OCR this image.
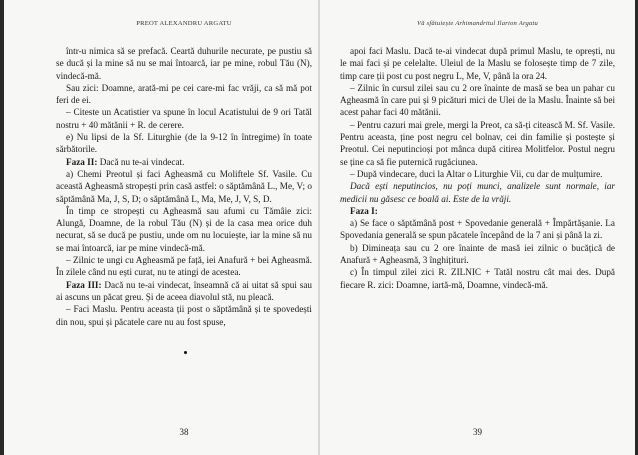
PREOT ALEXANDRU ARGATU

într-u nimica să se prefacă. Ceartă duhurile necurate, pe pustiu să se ducă și la mine să nu se mai întoarcă, iar pe mine, robul Tău (N), vindecă-mă.

Sau zici: Doamne, arată-mi pe cei care-mi fac vrăji, ca să mă pot feri de ei.

– Citeste un Acatistier va spune în locul Acatistului de 9 ori Tatăl nostru + 40 mătănii + R. de cerere.

e) Nu lipsi de la Sf. Liturghie (de la 9-12 în întregime) în toate sărbătorile.

Faza II: Dacă nu te-ai vindecat.

a) Chemi Preotul și faci Agheasmă cu Moliftele Sf. Vasile. Cu această Agheasmă stropești prin casă astfel: o săptămână L., Me, V; o săptămână Ma, J, S, D; o săptămână L, Ma, Me, J, V, S, D.

În timp ce stropești cu Agheasmă sau afumi cu Tămâie zici: Alungă, Doamne, de la robul Tău (N) și de la casa mea orice duh necurat, să se ducă pe pustiu, unde om nu locuiește, iar la mine să nu se mai întoarcă, iar pe mine vindecă-mă.

– Zilnic te ungi cu Agheasmă pe față, iei Anafură + bei Agheasmă. În zilele când nu ești curat, nu te atingi de acestea.

Faza III: Dacă nu te-ai vindecat, înseamnă că ai uitat să spui sau ai ascuns un păcat greu. Și de aceea diavolul stă, nu pleacă.

– Faci Maslu. Pentru aceasta ții post o săptămână și te spovedești din nou, spui și păcatele care nu au fost spuse,

38
Vă sfătuiește Arhimandritul Ilarion Argatu

apoi faci Maslu. Dacă te-ai vindecat după primul Maslu, te oprești, nu le mai faci și pe celelalte. Uleiul de la Maslu se folosește timp de 7 zile, timp care ții post cu post negru L, Me, V, până la ora 24.

– Zilnic în cursul zilei sau cu 2 ore înainte de masă se bea un pahar cu Agheasmă în care pui și 9 picături mici de Ulei de la Maslu. Înainte să bei acest pahar faci 40 mătănii.

– Pentru cazuri mai grele, mergi la Preot, ca să-ți citească M. Sf. Vasile. Pentru aceasta, ține post negru cel bolnav, cei din familie și postește și Preotul. Cei neputincioși pot mânca după citirea Molitfelor. Postul negru se ține ca să fie puternică rugăciunea.

– După vindecare, duci la Altar o Liturghie Vii, cu dar de mulțumire.

Dacă ești neputincios, nu poți munci, analizele sunt normale, iar medicii nu găsesc ce boală ai. Este de la vrăji.

Faza I:

a) Se face o săptămână post + Spovedanie generală + Împărtășanie. La Spovedania generală se spun păcatele începând de la 7 ani și până la zi.

b) Dimineața sau cu 2 ore înainte de masă iei zilnic o bucățică de Anafură + Agheasmă, 3 înghițituri.

c) În timpul zilei zici R. ZILNIC + Tatăl nostru cât mai des. După fiecare R. zici: Doamne, iartă-mă, Doamne, vindecă-mă.

39
